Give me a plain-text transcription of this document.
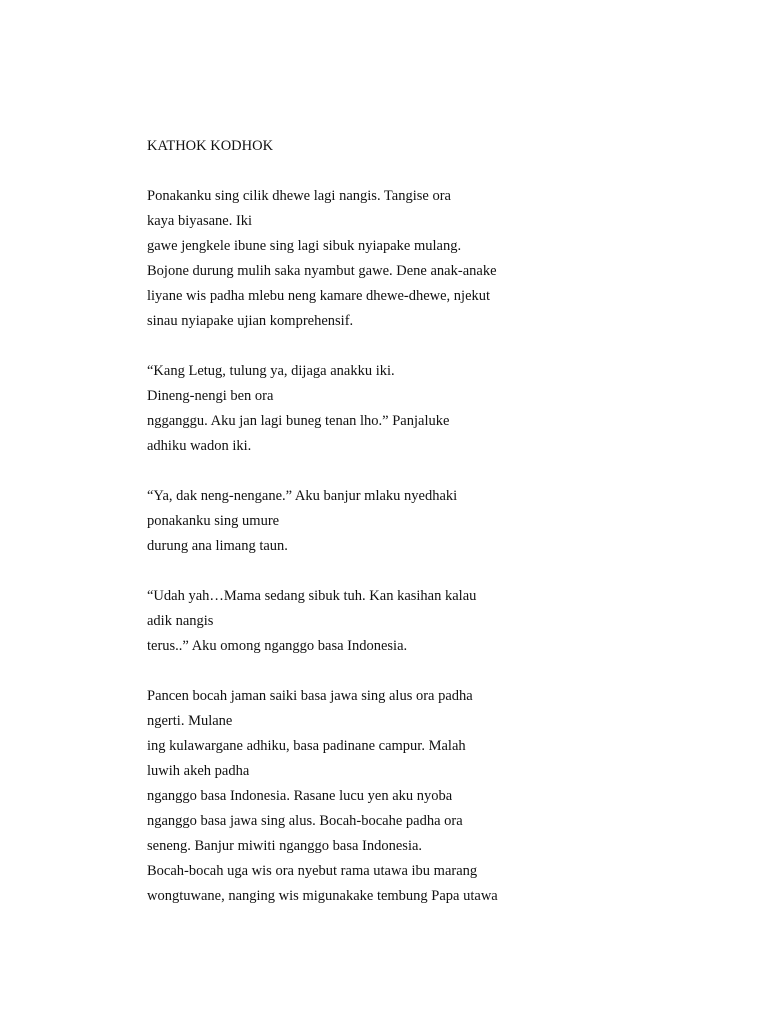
KATHOK KODHOK
Ponakanku sing cilik dhewe lagi nangis. Tangise ora
kaya biyasane. Iki
gawe jengkele ibune sing lagi sibuk nyiapake mulang.
Bojone durung mulih saka nyambut gawe. Dene anak-anake
liyane wis padha mlebu neng kamare dhewe-dhewe, njekut
sinau nyiapake ujian komprehensif.
“Kang Letug, tulung ya, dijaga anakku iki.
Dineng-nengi ben ora
ngganggu. Aku jan lagi buneg tenan lho.” Panjaluke
adhiku wadon iki.
“Ya, dak neng-nengane.” Aku banjur mlaku nyedhaki
ponakanku sing umure
durung ana limang taun.
“Udah yah…Mama sedang sibuk tuh. Kan kasihan kalau
adik nangis
terus..” Aku omong nganggo basa Indonesia.
Pancen bocah jaman saiki basa jawa sing alus ora padha
ngerti. Mulane
ing kulawargane adhiku, basa padinane campur. Malah
luwih akeh padha
nganggo basa Indonesia. Rasane lucu yen aku nyoba
nganggo basa jawa sing alus. Bocah-bocahe padha ora
seneng. Banjur miwiti nganggo basa Indonesia.
Bocah-bocah uga wis ora nyebut rama utawa ibu marang
wongtuwane, nanging wis migunakake tembung Papa utawa
